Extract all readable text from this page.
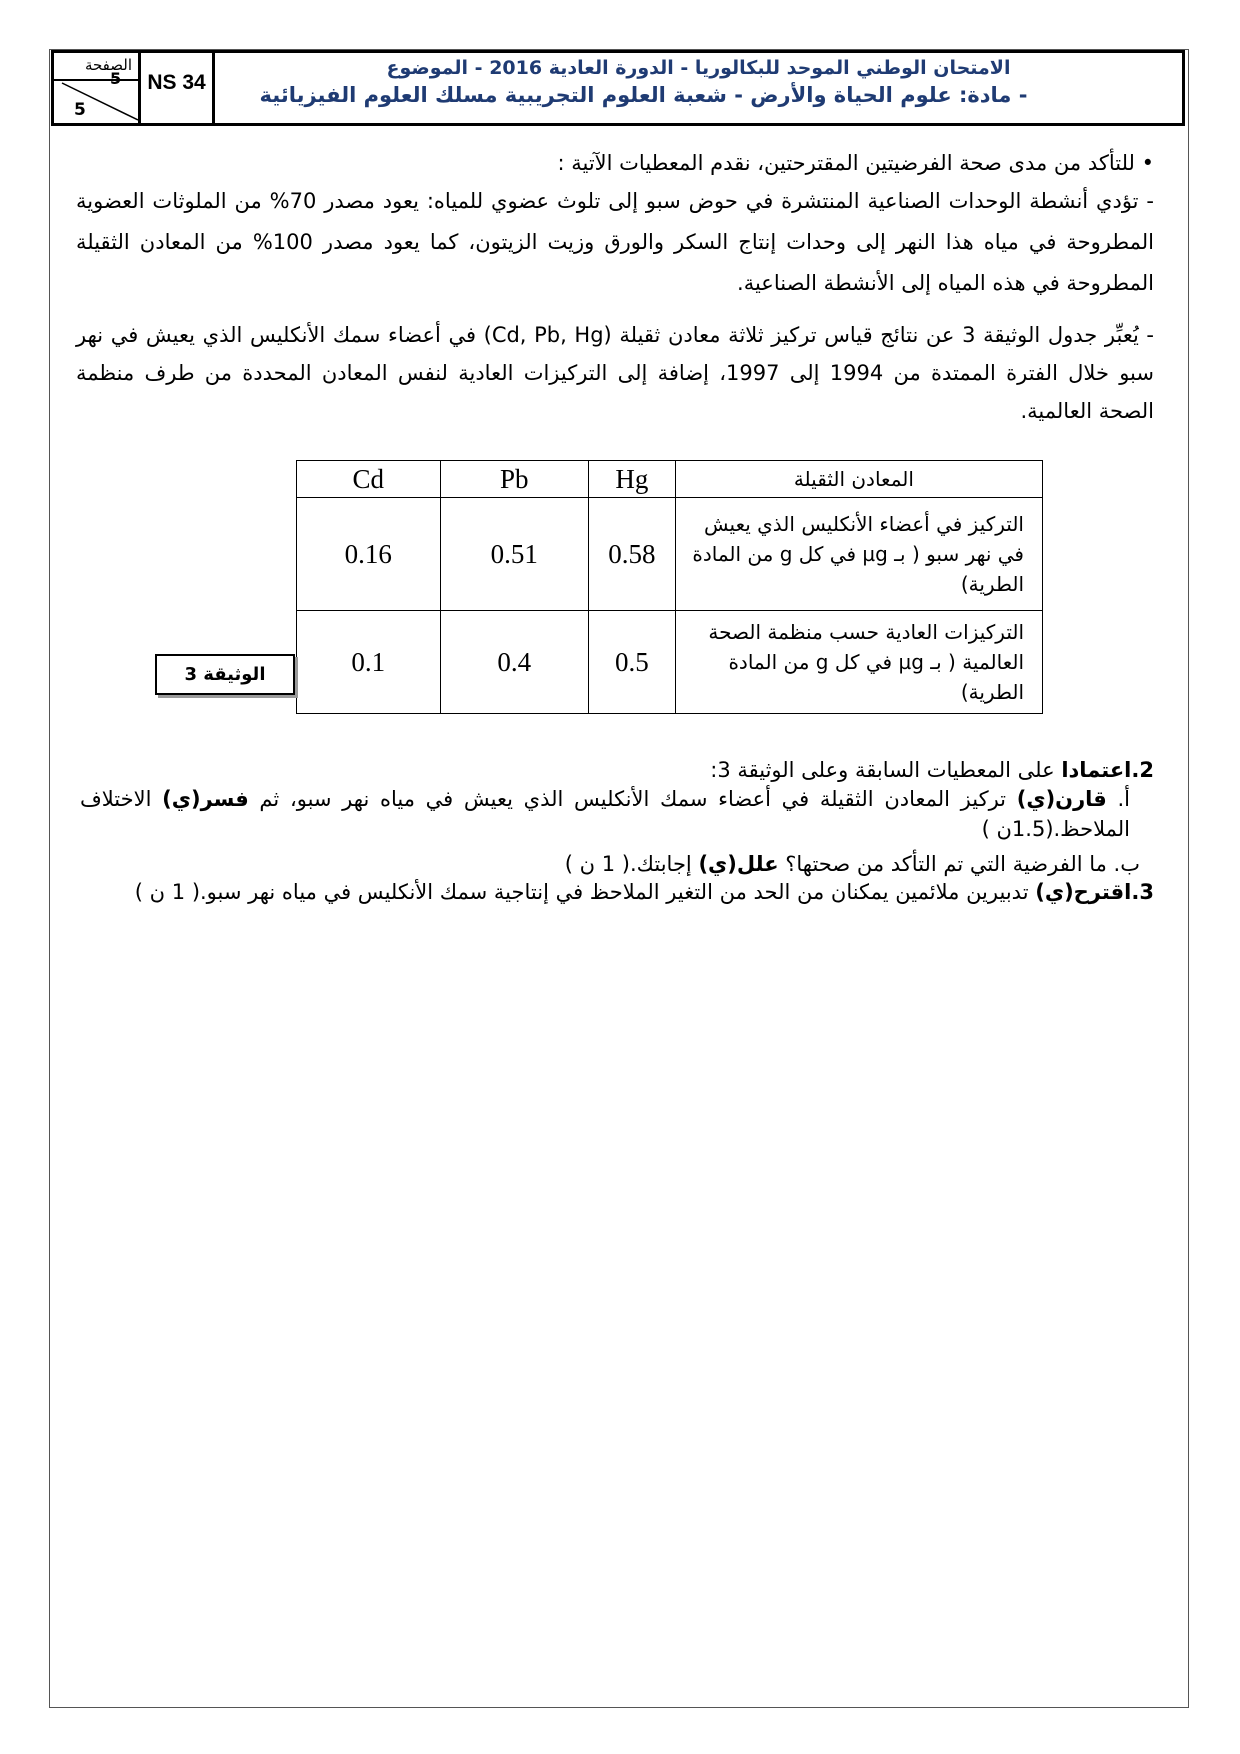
الصفحة
5
5
NS 34
الامتحان الوطني الموحد للبكالوريا - الدورة العادية 2016 - الموضوع
- مادة: علوم الحياة والأرض - شعبة العلوم التجريبية مسلك العلوم الفيزيائية

• للتأكد من مدى صحة الفرضيتين المقترحتين، نقدم المعطيات الآتية :

- تؤدي أنشطة الوحدات الصناعية المنتشرة في حوض سبو إلى تلوث عضوي للمياه: يعود مصدر 70% من الملوثات العضوية المطروحة في مياه هذا النهر إلى وحدات إنتاج السكر والورق وزيت الزيتون، كما يعود مصدر 100% من المعادن الثقيلة المطروحة في هذه المياه إلى الأنشطة الصناعية.

- يُعبِّر جدول الوثيقة 3 عن نتائج قياس تركيز ثلاثة معادن ثقيلة (Cd, Pb, Hg) في أعضاء سمك الأنكليس الذي يعيش في نهر سبو خلال الفترة الممتدة من 1994 إلى 1997، إضافة إلى التركيزات العادية لنفس المعادن المحددة من طرف منظمة الصحة العالمية.

Cd	Pb	Hg	المعادن الثقيلة
0.16	0.51	0.58	التركيز في أعضاء الأنكليس الذي يعيش في نهر سبو ( بـ µg في كل g من المادة الطرية)
0.1	0.4	0.5	التركيزات العادية حسب منظمة الصحة العالمية ( بـ µg في كل g من المادة الطرية)
الوثيقة 3
2.اعتمادا على المعطيات السابقة وعلى الوثيقة 3:
أ. قارن(ي) تركيز المعادن الثقيلة في أعضاء سمك الأنكليس الذي يعيش في مياه نهر سبو، ثم فسر(ي) الاختلاف الملاحظ.(1.5ن )
ب. ما الفرضية التي تم التأكد من صحتها؟ علل(ي) إجابتك.( 1 ن )
3.اقترح(ي) تدبيرين ملائمين يمكنان من الحد من التغير الملاحظ في إنتاجية سمك الأنكليس في مياه نهر سبو.( 1 ن )
